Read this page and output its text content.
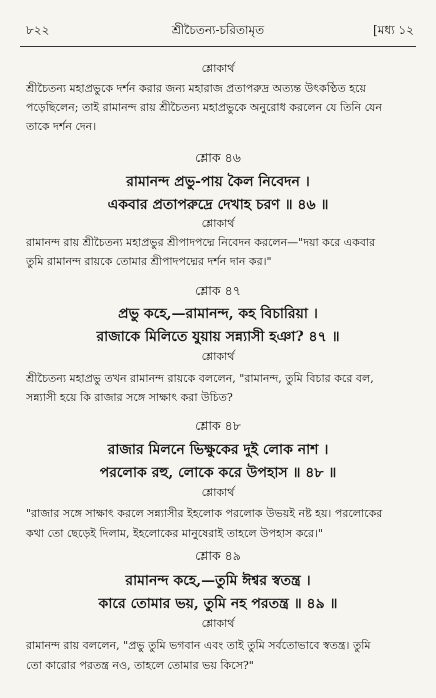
শ্রীচৈতন্য-চরিতামৃত
৮২২	[মধ্য ১২
শ্লোকার্থ
শ্রীচৈতন্য মহাপ্রভুকে দর্শন করার জন্য মহারাজ প্রতাপরুদ্র অত্যন্ত উৎকণ্ঠিত হয়ে
পড়েছিলেন; তাই রামানন্দ রায় শ্রীচৈতন্য মহাপ্রভুকে অনুরোধ করলেন যে তিনি যেন
তাকে দর্শন দেন।
শ্লোক ৪৬
রামানন্দ প্রভু-পায় কৈল নিবেদন ।
একবার প্রতাপরুদ্রে দেখাহ চরণ ॥ ৪৬ ॥
শ্লোকার্থ
রামানন্দ রায় শ্রীচৈতন্য মহাপ্রভুর শ্রীপাদপদ্মে নিবেদন করলেন—"দয়া করে একবার
তুমি রামানন্দ রায়কে তোমার শ্রীপাদপদ্মের দর্শন দান কর।"
শ্লোক ৪৭
প্রভু কহে,—রামানন্দ, কহ বিচারিয়া ।
রাজাকে মিলিতে যুয়ায় সন্ন্যাসী হঞা? ৪৭ ॥
শ্লোকার্থ
শ্রীচৈতন্য মহাপ্রভু তখন রামানন্দ রায়কে বললেন, "রামানন্দ, তুমি বিচার করে বল,
সন্ন্যাসী হয়ে কি রাজার সঙ্গে সাক্ষাৎ করা উচিত?
শ্লোক ৪৮
রাজার মিলনে ভিক্ষুকের দুই লোক নাশ ।
পরলোক রহু, লোকে করে উপহাস ॥ ৪৮ ॥
শ্লোকার্থ
"রাজার সঙ্গে সাক্ষাৎ করলে সন্ন্যাসীর ইহলোক পরলোক উভয়ই নষ্ট হয়। পরলোকের
কথা তো ছেড়েই দিলাম, ইহলোকের মানুষেরাই তাহলে উপহাস করে।"
শ্লোক ৪৯
রামানন্দ কহে,—তুমি ঈশ্বর স্বতন্ত্র ।
কারে তোমার ভয়, তুমি নহ পরতন্ত্র ॥ ৪৯ ॥
শ্লোকার্থ
রামানন্দ রায় বললেন, "প্রভু তুমি ভগবান এবং তাই তুমি সর্বতোভাবে স্বতন্ত্র। তুমি
তো কারোর পরতন্ত্র নও, তাহলে তোমার ভয় কিসে?"
